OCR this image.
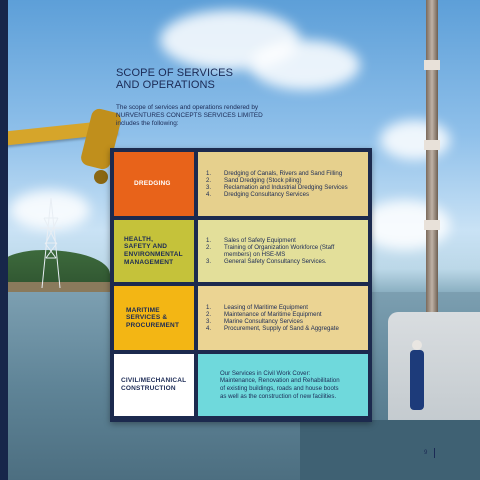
SCOPE OF SERVICES
AND OPERATIONS

The scope of services and operations rendered by
NURVENTURES CONCEPTS SERVICES LIMITED
includes the following:

DREDGING
1.	Dredging of Canals, Rivers and Sand Filling
2.	Sand Dredging (Stock piling)
3.	Reclamation and Industrial Dredging Services
4.	Dredging Consultancy Services
HEALTH,
SAFETY AND
ENVIRONMENTAL
MANAGEMENT
1.	Sales of Safety Equipment
2.	Training of Organization Workforce (Staff
members) on HSE-MS
3.	General Safety Consultancy Services.
MARITIME
SERVICES &
PROCUREMENT
1.	Leasing of Maritime Equipment
2.	Maintenance of Maritime Equipment
3.	Marine Consultancy Services
4.	Procurement, Supply of Sand & Aggregate
CIVIL/MECHANICAL
CONSTRUCTION

Our Services in Civil Work Cover:
Maintenance, Renovation and Rehabilitation
of existing buildings, roads and house boots
as well as the construction of new facilities.

9
